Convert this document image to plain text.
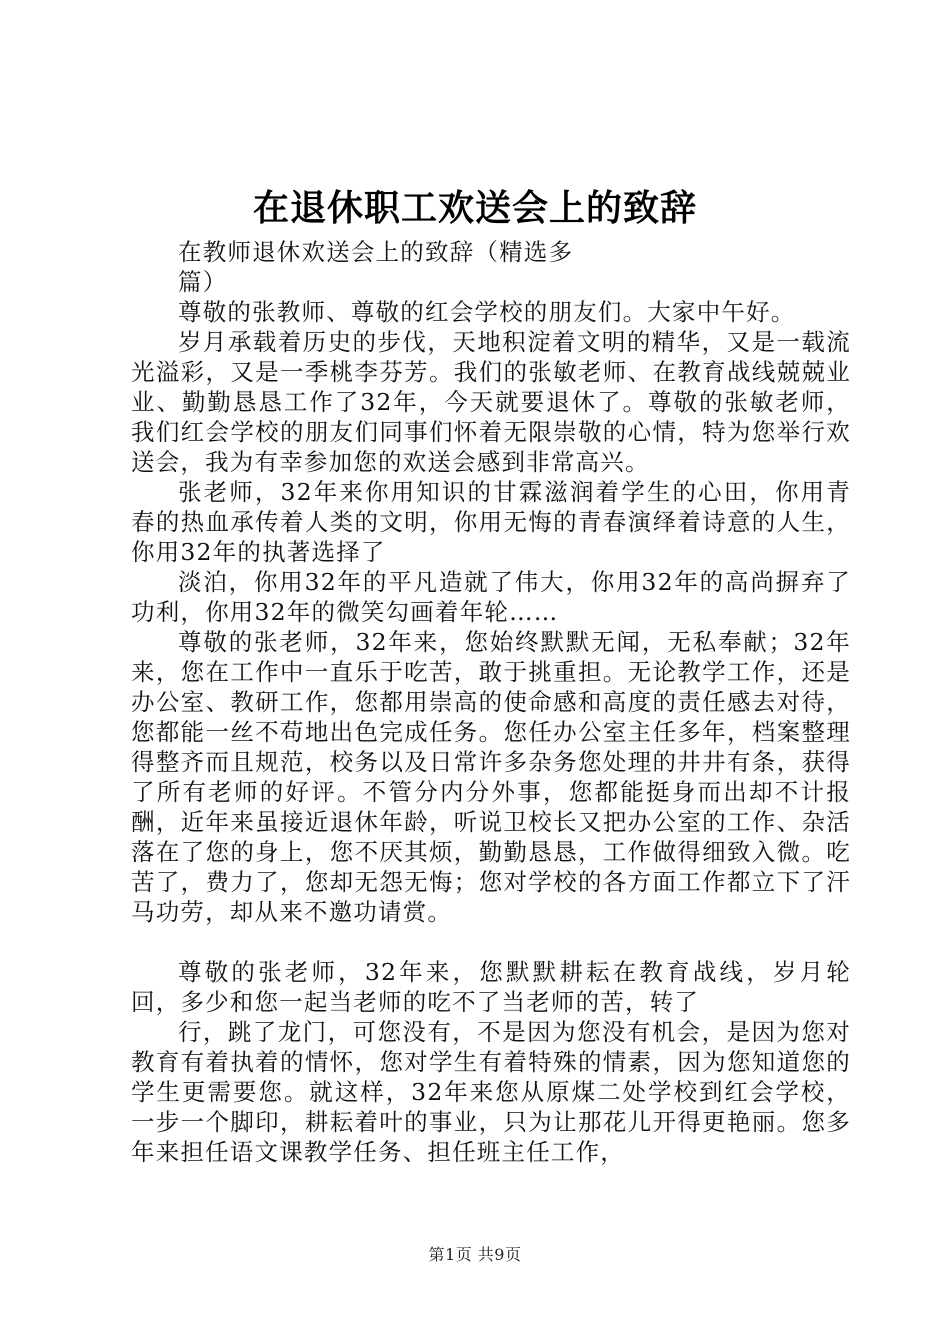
在退休职工欢送会上的致辞

在教师退休欢送会上的致辞（精选多篇）

尊敬的张教师、尊敬的红会学校的朋友们。大家中午好。

岁月承载着历史的步伐，天地积淀着文明的精华，又是一载流光溢彩，又是一季桃李芬芳。我们的张敏老师、在教育战线兢兢业业、勤勤恳恳工作了32年，今天就要退休了。尊敬的张敏老师，我们红会学校的朋友们同事们怀着无限崇敬的心情，特为您举行欢送会，我为有幸参加您的欢送会感到非常高兴。

张老师，32年来你用知识的甘霖滋润着学生的心田，你用青春的热血承传着人类的文明，你用无悔的青春演绎着诗意的人生，你用32年的执著选择了

淡泊，你用32年的平凡造就了伟大，你用32年的高尚摒弃了功利，你用32年的微笑勾画着年轮……

尊敬的张老师，32年来，您始终默默无闻，无私奉献；32年来，您在工作中一直乐于吃苦，敢于挑重担。无论教学工作，还是办公室、教研工作，您都用崇高的使命感和高度的责任感去对待，您都能一丝不苟地出色完成任务。您任办公室主任多年，档案整理得整齐而且规范，校务以及日常许多杂务您处理的井井有条，获得了所有老师的好评。不管分内分外事，您都能挺身而出却不计报酬，近年来虽接近退休年龄，听说卫校长又把办公室的工作、杂活落在了您的身上，您不厌其烦，勤勤恳恳，工作做得细致入微。吃苦了，费力了，您却无怨无悔；您对学校的各方面工作都立下了汗马功劳，却从来不邀功请赏。

尊敬的张老师，32年来，您默默耕耘在教育战线，岁月轮回，多少和您一起当老师的吃不了当老师的苦，转了

行，跳了龙门，可您没有，不是因为您没有机会，是因为您对教育有着执着的情怀，您对学生有着特殊的情素，因为您知道您的学生更需要您。就这样，32年来您从原煤二处学校到红会学校，一步一个脚印，耕耘着叶的事业，只为让那花儿开得更艳丽。您多年来担任语文课教学任务、担任班主任工作，

第1页 共9页
